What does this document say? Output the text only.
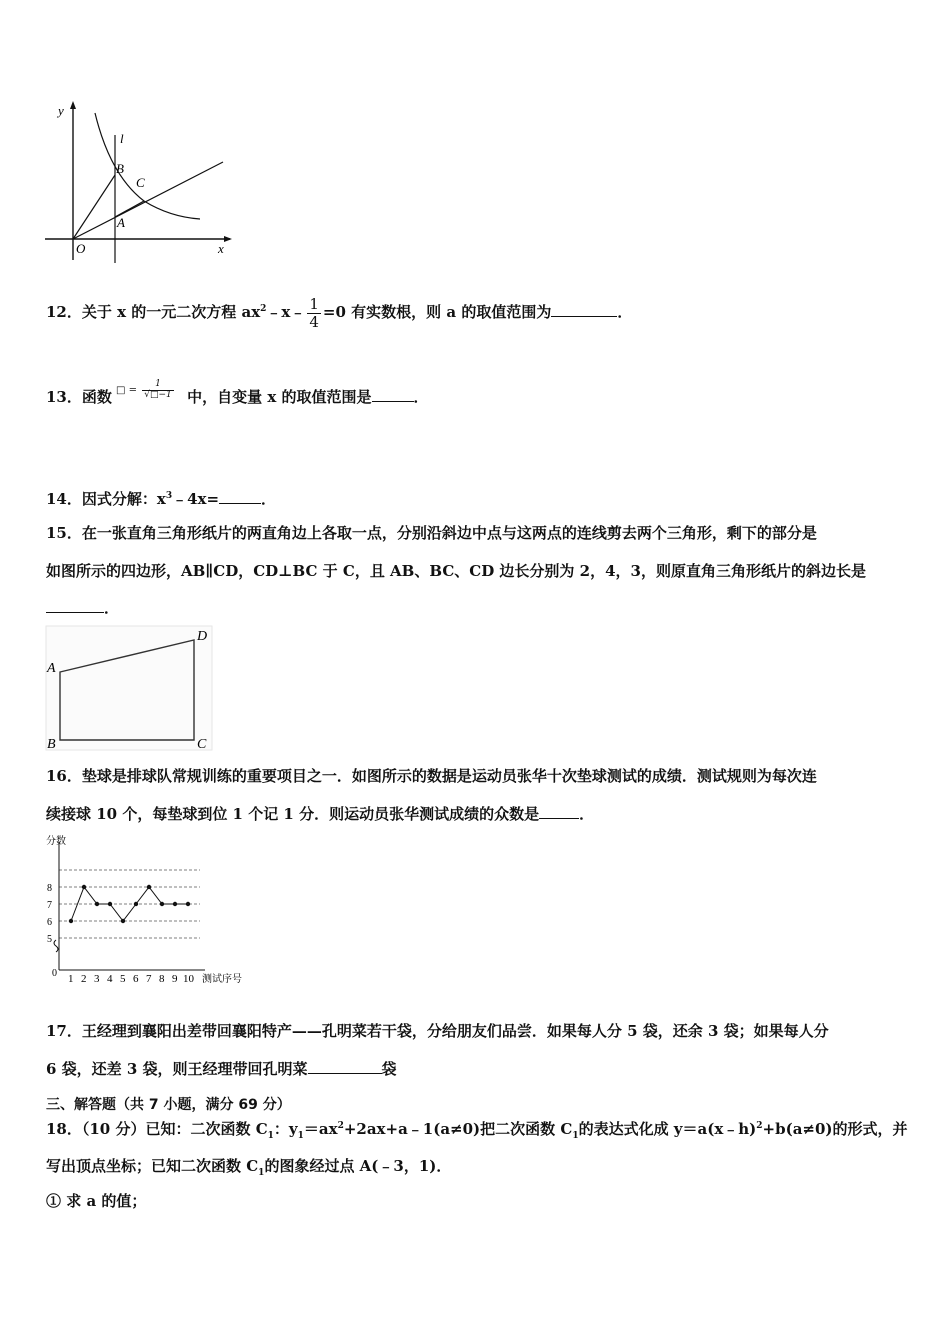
y
l
B
C
A
O	x
12．关于 x 的一元二次方程 $ax^2﹣x﹣ \frac{1}{4} =0$ 有实数根，则 a 的取值范围为	．
13．函数 □ = $\frac{1}{√□-1}$ 中，自变量 x 的取值范围是	．
14．因式分解：$x^3﹣4x=$	．
15．在一张直角三角形纸片的两直角边上各取一点，分别沿斜边中点与这两点的连线剪去两个三角形，剩下的部分是
如图所示的四边形，AB∥CD，CD⊥BC 于 C，且 AB、BC、CD 边长分别为 2，4，3，则原直角三角形纸片的斜边长是
．
A
B	C
D
16．垫球是排球队常规训练的重要项目之一．如图所示的数据是运动员张华十次垫球测试的成绩．测试规则为每次连
续接球 10 个，每垫球到位 1 个记 1 分．则运动员张华测试成绩的众数是	．
分数
测试序号
0
5
6
7
8
1 2 3 4 5 6 7 8 9 10
17．王经理到襄阳出差带回襄阳特产——孔明菜若干袋，分给朋友们品尝．如果每人分 5 袋，还余 3 袋；如果每人分
6 袋，还差 3 袋，则王经理带回孔明菜	袋
三、解答题（共 7 小题，满分 69 分）
18．（10 分）已知：二次函数 $C_1$：$y_1=ax^2+2ax+a﹣1(a\ne 0)$把二次函数 $C_1$的表达式化成 y＝a(x﹣h)$^2$+b(a≠0)的形式，并
写出顶点坐标；已知二次函数 $C_1$的图象经过点 A(﹣3，1)．
① 求 a 的值；
